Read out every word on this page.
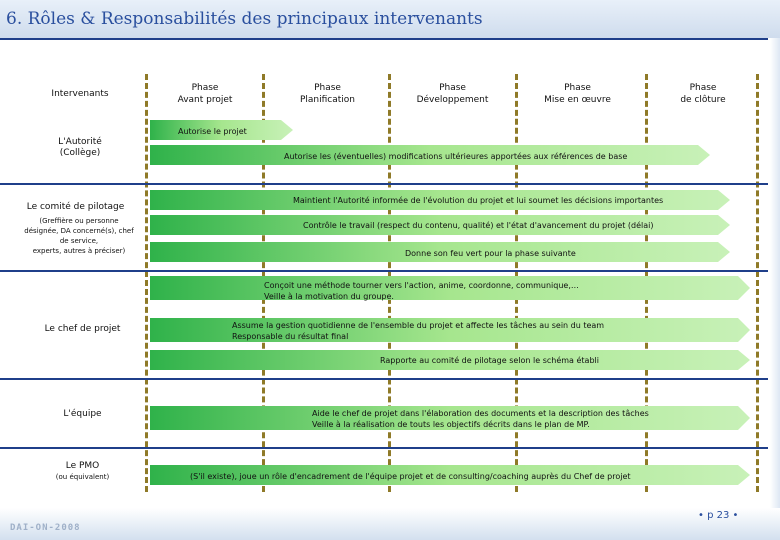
6. Rôles & Responsabilités des principaux intervenants
Intervenants
Phase
Avant projet
Phase
Planification
Phase
Développement
Phase
Mise en œuvre
Phase
de clôture
L'Autorité
(Collège)
Le comité de pilotage
(Greffière ou personne
désignée, DA concerné(s), chef
de service,
experts, autres à préciser)
Le chef de projet
L'équipe
Le PMO
(ou équivalent)
Autorise le projet
Autorise les (éventuelles) modifications ultérieures apportées aux références de base
Maintient l'Autorité informée de l'évolution du projet et lui soumet les décisions importantes
Contrôle le travail (respect du contenu, qualité) et l'état d'avancement du projet (délai)
Donne son feu vert pour la phase suivante
Conçoit une méthode tourner vers l'action, anime, coordonne, communique,…
Veille à la motivation du groupe.
Assume la gestion quotidienne de l'ensemble du projet et affecte les tâches au sein du team
Responsable du résultat final
Rapporte au comité de pilotage selon le schéma établi
Aide le chef de projet dans l'élaboration des documents et la description des tâches
Veille à la réalisation de touts les objectifs décrits dans le plan de MP.
(S'il existe), joue un rôle d'encadrement de l'équipe projet et de consulting/coaching auprès du Chef de projet
DAI-ON-2008
• p 23 •
